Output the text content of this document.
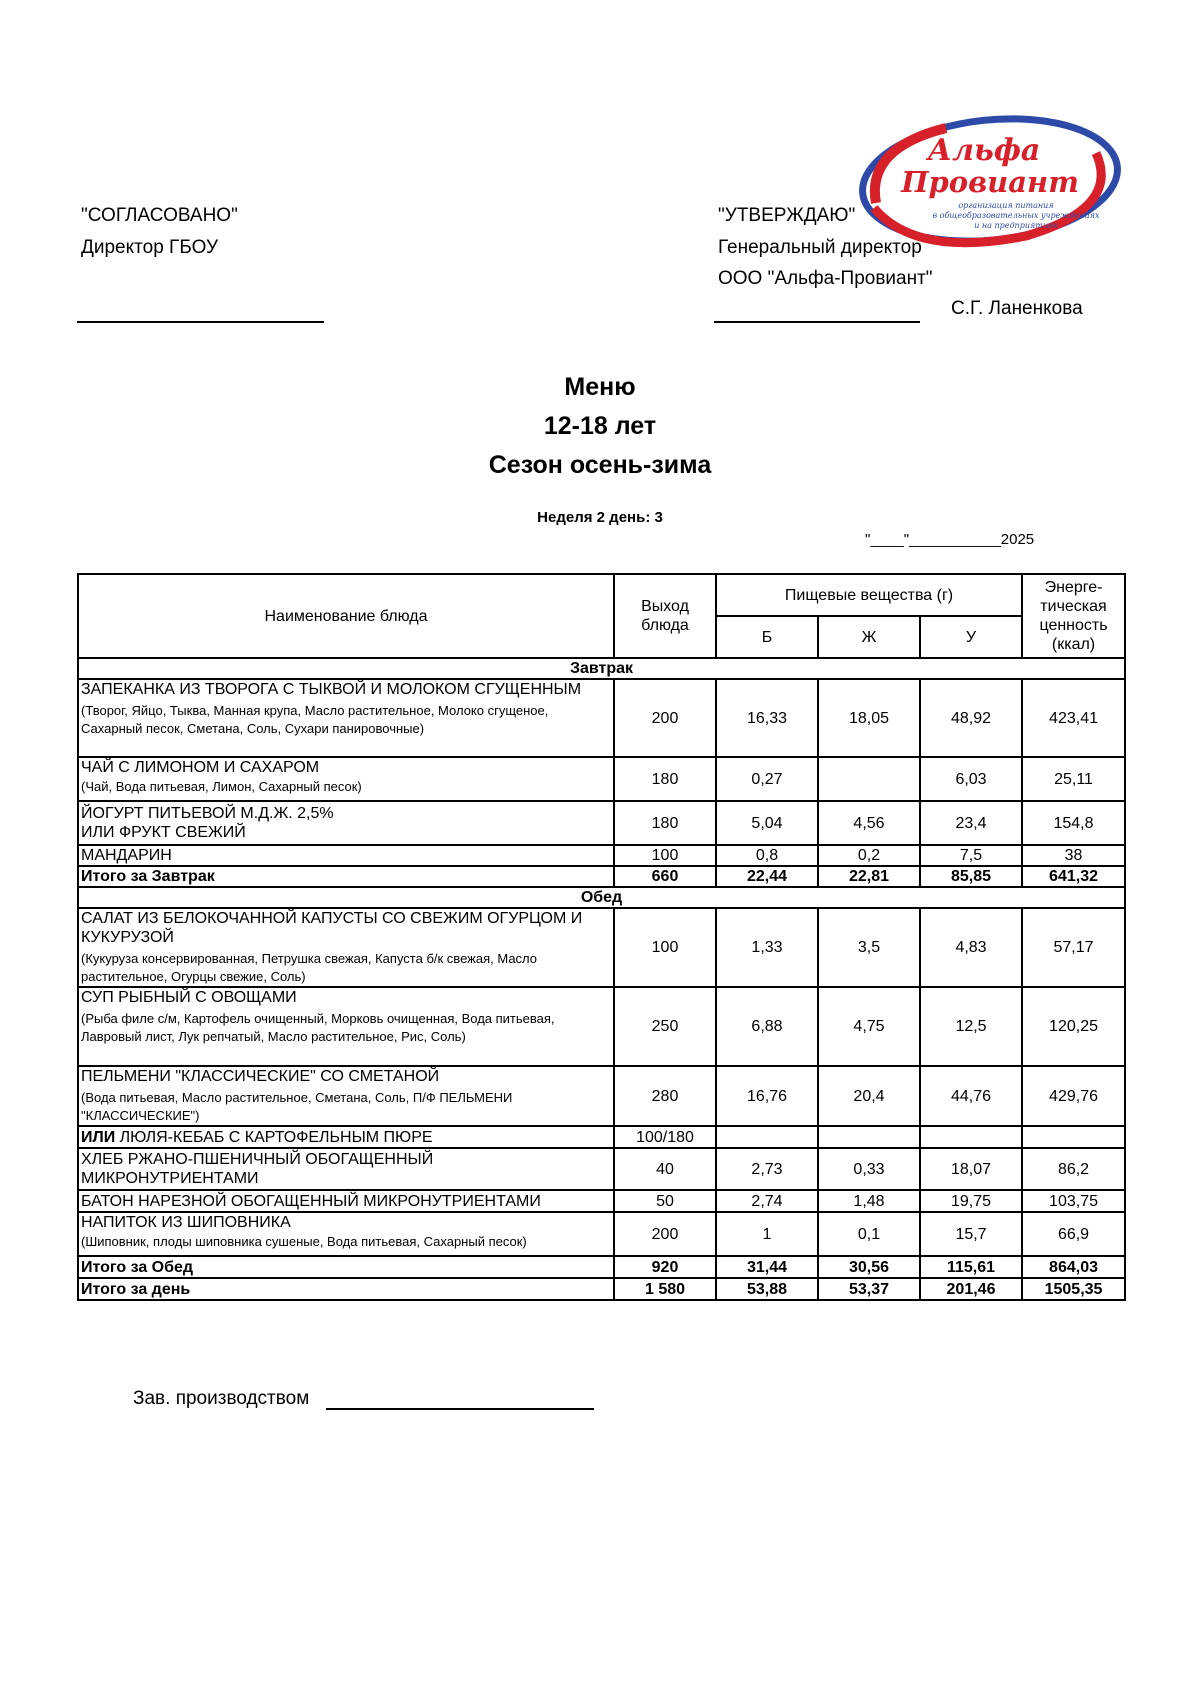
Альфа
Провиант
организация питания
в общеобразовательных учреждениях
и на предприятиях
"СОГЛАСОВАНО"
Директор ГБОУ
"УТВЕРЖДАЮ"
Генеральный директор
ООО "Альфа-Провиант"
С.Г. Ланенкова
Меню
12-18 лет
Сезон осень-зима
Неделя 2 день: 3
"____"___________2025
Наименование блюда	Выход блюда	Пищевые вещества (г)			Энерге-тическая ценность (ккал)
		Б	Ж	У	
Завтрак					

ЗАПЕКАНКА ИЗ ТВОРОГА С ТЫКВОЙ И МОЛОКОМ СГУЩЕННЫМ
(Творог, Яйцо, Тыква, Манная крупа, Масло растительное, Молоко сгущеное, Сахарный песок, Сметана, Соль, Сухари панировочные)	200	16,33	18,05	48,92	423,41

ЧАЙ С ЛИМОНОМ И САХАРОМ
(Чай, Вода питьевая, Лимон, Сахарный песок)	180	0,27		6,03	25,11

ЙОГУРТ ПИТЬЕВОЙ М.Д.Ж. 2,5%
ИЛИ ФРУКТ СВЕЖИЙ	180	5,04	4,56	23,4	154,8
МАНДАРИН	100	0,8	0,2	7,5	38
Итого за Завтрак	660	22,44	22,81	85,85	641,32
Обед					

САЛАТ ИЗ БЕЛОКОЧАННОЙ КАПУСТЫ СО СВЕЖИМ ОГУРЦОМ И КУКУРУЗОЙ
(Кукуруза консервированная, Петрушка свежая, Капуста б/к свежая, Масло растительное, Огурцы свежие, Соль)	100	1,33	3,5	4,83	57,17

СУП РЫБНЫЙ С ОВОЩАМИ
(Рыба филе с/м, Картофель очищенный, Морковь очищенная, Вода питьевая, Лавровый лист, Лук репчатый, Масло растительное, Рис, Соль)	250	6,88	4,75	12,5	120,25

ПЕЛЬМЕНИ "КЛАССИЧЕСКИЕ" СО СМЕТАНОЙ
(Вода питьевая, Масло растительное, Сметана, Соль, П/Ф ПЕЛЬМЕНИ "КЛАССИЧЕСКИЕ")	280	16,76	20,4	44,76	429,76
ИЛИ ЛЮЛЯ-КЕБАБ С КАРТОФЕЛЬНЫМ ПЮРЕ	100/180				
ХЛЕБ РЖАНО-ПШЕНИЧНЫЙ ОБОГАЩЕННЫЙ МИКРОНУТРИЕНТАМИ	40	2,73	0,33	18,07	86,2
БАТОН НАРЕЗНОЙ ОБОГАЩЕННЫЙ МИКРОНУТРИЕНТАМИ	50	2,74	1,48	19,75	103,75

НАПИТОК ИЗ ШИПОВНИКА
(Шиповник, плоды шиповника сушеные, Вода питьевая, Сахарный песок)	200	1	0,1	15,7	66,9
Итого за Обед	920	31,44	30,56	115,61	864,03
Итого за день	1 580	53,88	53,37	201,46	1505,35
Зав. производством
